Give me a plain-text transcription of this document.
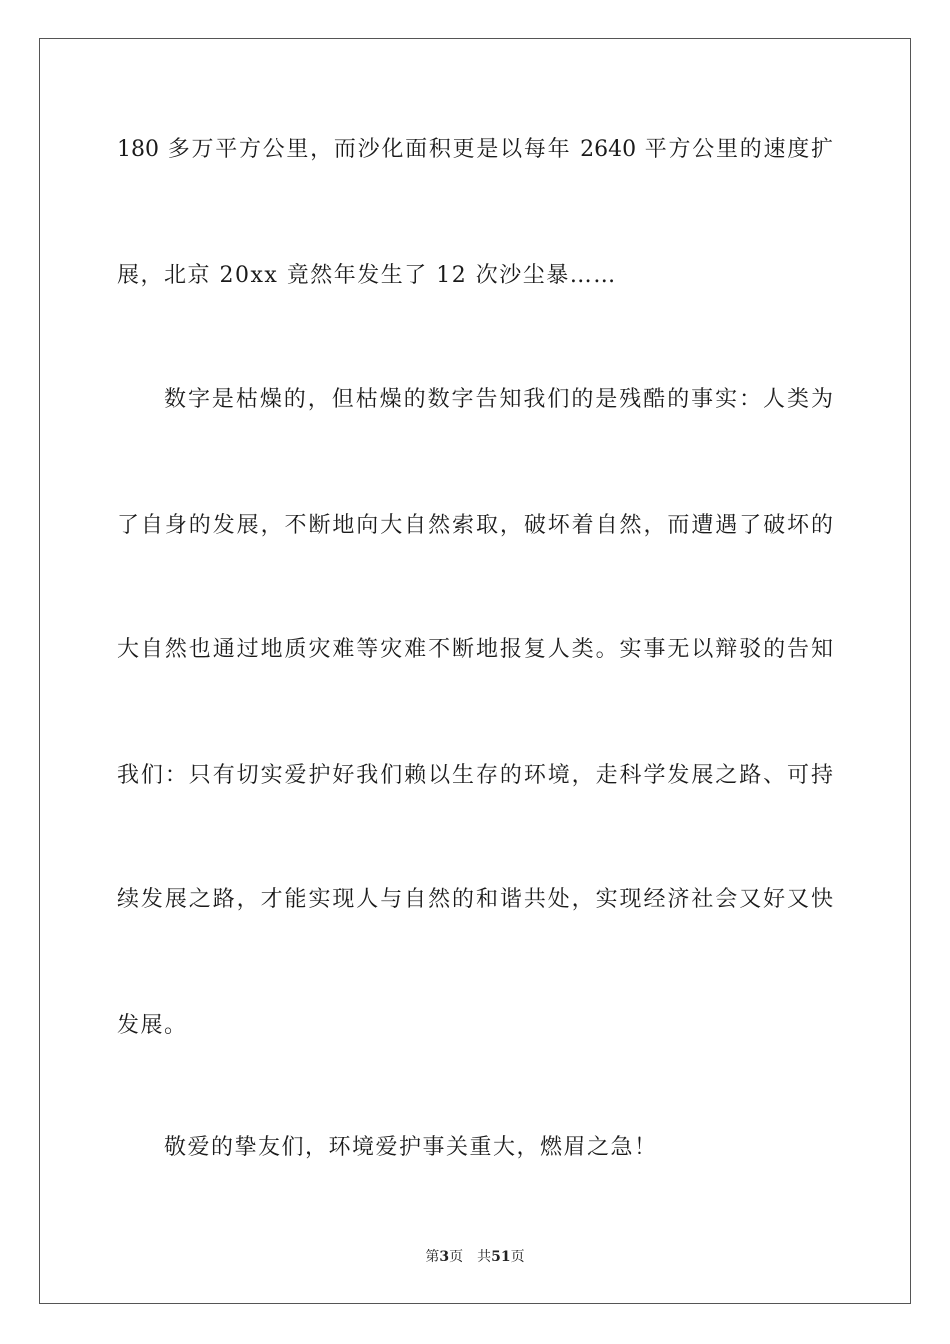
180 多万平方公里，而沙化面积更是以每年 2640 平方公里的速度扩
展，北京 20xx 竟然年发生了 12 次沙尘暴……
数字是枯燥的，但枯燥的数字告知我们的是残酷的事实：人类为
了自身的发展，不断地向大自然索取，破坏着自然，而遭遇了破坏的
大自然也通过地质灾难等灾难不断地报复人类。实事无以辩驳的告知
我们：只有切实爱护好我们赖以生存的环境，走科学发展之路、可持
续发展之路，才能实现人与自然的和谐共处，实现经济社会又好又快
发展。
敬爱的挚友们，环境爱护事关重大，燃眉之急！
第3页 共51页
